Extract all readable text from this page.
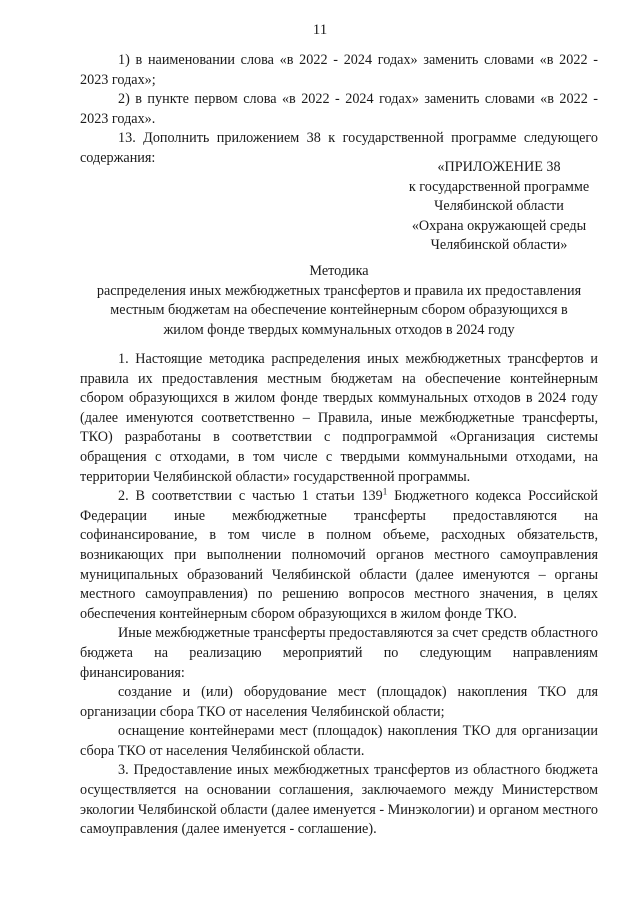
11

1) в наименовании слова «в 2022 - 2024 годах» заменить словами «в 2022 - 2023 годах»;

2) в пункте первом слова «в 2022 - 2024 годах» заменить словами «в 2022 - 2023 годах».

13. Дополнить приложением 38 к государственной программе следующего содержания:

«ПРИЛОЖЕНИЕ 38
к государственной программе
Челябинской области
«Охрана окружающей среды
Челябинской области»
Методика
распределения иных межбюджетных трансфертов и правила их предоставления
местным бюджетам на обеспечение контейнерным сбором образующихся в
жилом фонде твердых коммунальных отходов в 2024 году

1. Настоящие методика распределения иных межбюджетных трансфертов и правила их предоставления местным бюджетам на обеспечение контейнерным сбором образующихся в жилом фонде твердых коммунальных отходов в 2024 году (далее именуются соответственно – Правила, иные межбюджетные трансферты, ТКО) разработаны в соответствии с подпрограммой «Организация системы обращения с отходами, в том числе с твердыми коммунальными отходами, на территории Челябинской области» государственной программы.

2. В соответствии с частью 1 статьи $139^1$ Бюджетного кодекса Российской Федерации иные межбюджетные трансферты предоставляются на софинансирование, в том числе в полном объеме, расходных обязательств, возникающих при выполнении полномочий органов местного самоуправления муниципальных образований Челябинской области (далее именуются – органы местного самоуправления) по решению вопросов местного значения, в целях обеспечения контейнерным сбором образующихся в жилом фонде ТКО.

Иные межбюджетные трансферты предоставляются за счет средств областного бюджета на реализацию мероприятий по следующим направлениям финансирования:

создание и (или) оборудование мест (площадок) накопления ТКО для организации сбора ТКО от населения Челябинской области;

оснащение контейнерами мест (площадок) накопления ТКО для организации сбора ТКО от населения Челябинской области.

3. Предоставление иных межбюджетных трансфертов из областного бюджета осуществляется на основании соглашения, заключаемого между Министерством экологии Челябинской области (далее именуется - Минэкологии) и органом местного самоуправления (далее именуется - соглашение).
